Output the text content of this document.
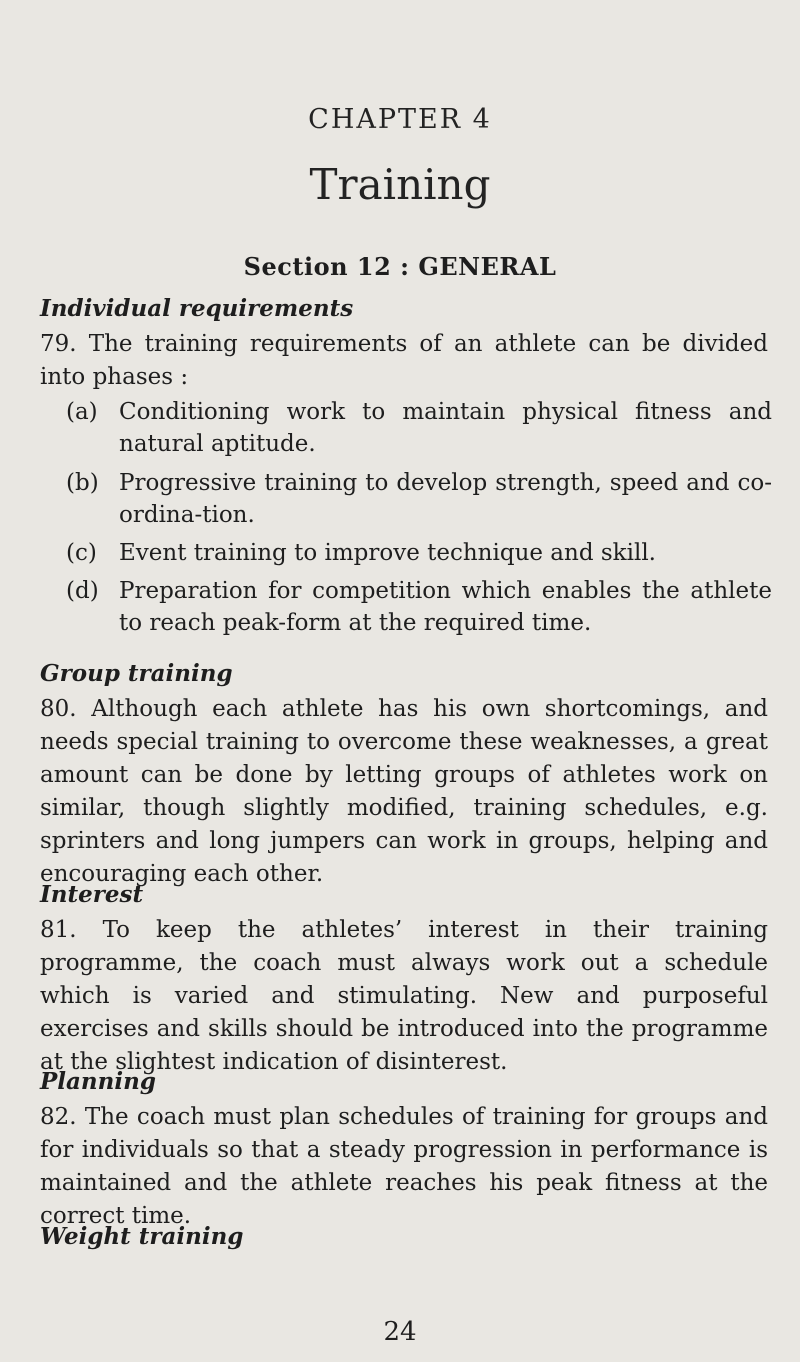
CHAPTER 4
Training
Section 12 : GENERAL
Individual requirements
79. The training requirements of an athlete can be divided into phases :
(a) Conditioning work to maintain physical fitness and natural aptitude.
(b) Progressive training to develop strength, speed and co-ordina-tion.
(c) Event training to improve technique and skill.
(d) Preparation for competition which enables the athlete to reach peak-form at the required time.
Group training
80. Although each athlete has his own shortcomings, and needs special training to overcome these weaknesses, a great amount can be done by letting groups of athletes work on similar, though slightly modified, training schedules, e.g. sprinters and long jumpers can work in groups, helping and encouraging each other.
Interest
81. To keep the athletes’ interest in their training programme, the coach must always work out a schedule which is varied and stimulating. New and purposeful exercises and skills should be introduced into the programme at the slightest indication of disinterest.
Planning
82. The coach must plan schedules of training for groups and for individuals so that a steady progression in performance is maintained and the athlete reaches his peak fitness at the correct time.
Weight training
24
